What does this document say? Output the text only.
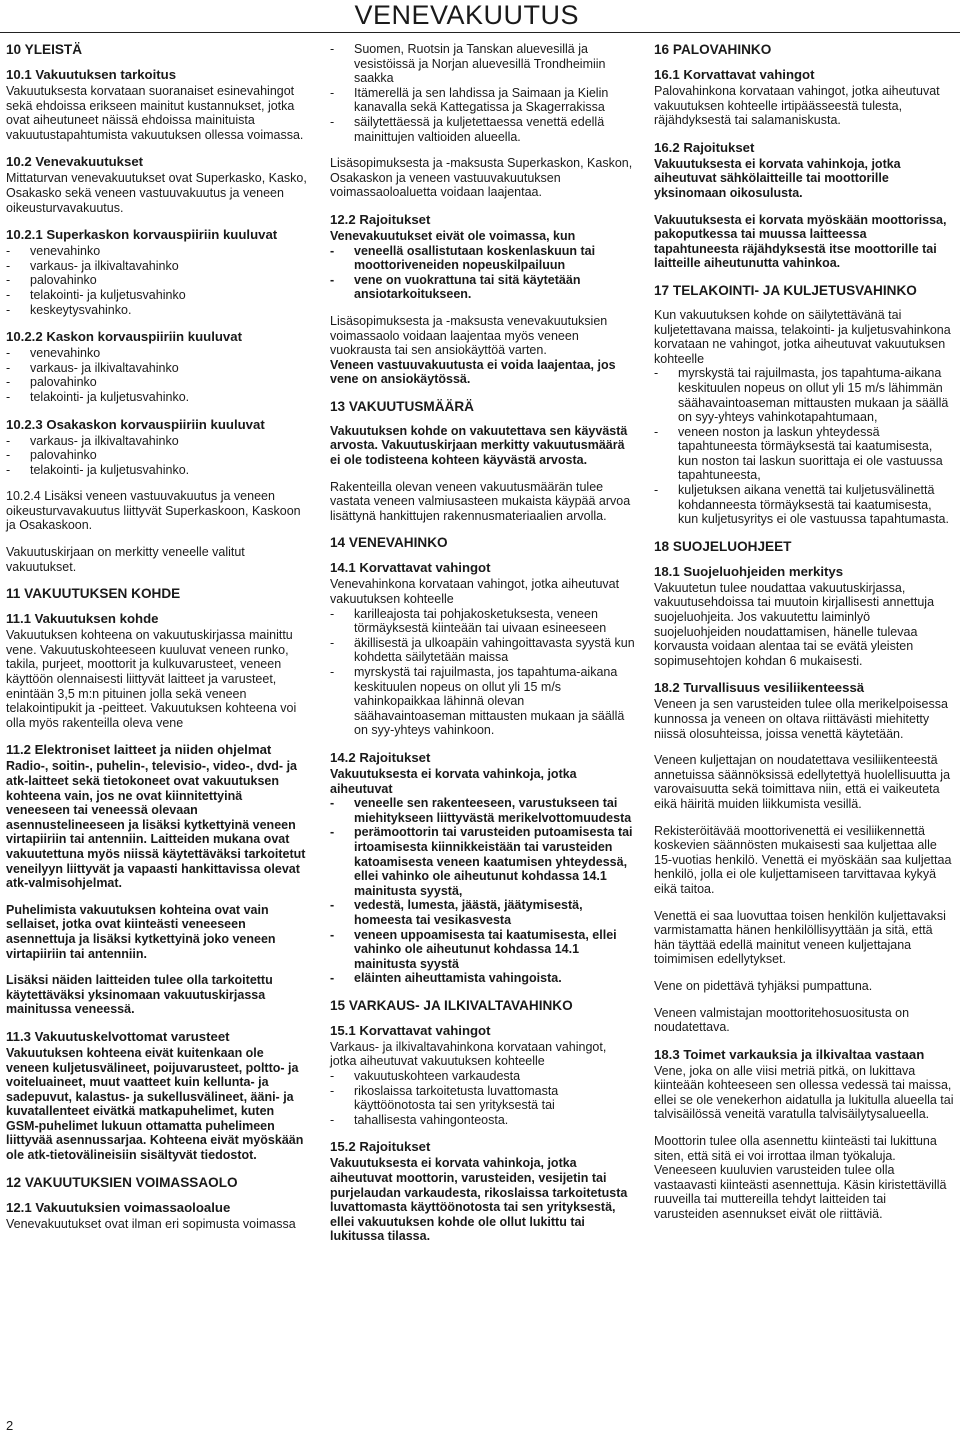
VENEVAKUUTUS
10 YLEISTÄ
10.1 Vakuutuksen tarkoitus

Vakuutuksesta korvataan suoranaiset esinevahingot sekä ehdoissa erikseen mainitut kustannukset, jotka ovat aiheutuneet näissä ehdoissa mainituista vakuutustapahtumista vakuutuksen ollessa voimassa.

10.2 Venevakuutukset

Mittaturvan venevakuutukset ovat Superkasko, Kasko, Osakasko sekä veneen vastuuvakuutus ja veneen oikeusturvavakuutus.

10.2.1 Superkaskon korvauspiiriin kuuluvat
- venevahinko
- varkaus- ja ilkivaltavahinko
- palovahinko
- telakointi- ja kuljetusvahinko
- keskeytysvahinko.
10.2.2 Kaskon korvauspiiriin kuuluvat
- venevahinko
- varkaus- ja ilkivaltavahinko
- palovahinko
- telakointi- ja kuljetusvahinko.
10.2.3 Osakaskon korvauspiiriin kuuluvat
- varkaus- ja ilkivaltavahinko
- palovahinko
- telakointi- ja kuljetusvahinko.

10.2.4 Lisäksi veneen vastuuvakuutus ja veneen oikeusturvavakuutus liittyvät Superkaskoon, Kaskoon ja Osakaskoon.

Vakuutuskirjaan on merkitty veneelle valitut vakuutukset.

11 VAKUUTUKSEN KOHDE
11.1 Vakuutuksen kohde

Vakuutuksen kohteena on vakuutuskirjassa mainittu vene. Vakuutuskohteeseen kuuluvat veneen runko, takila, purjeet, moottorit ja kulkuvarusteet, veneen käyttöön olennaisesti liittyvät laitteet ja varusteet, enintään 3,5 m:n pituinen jolla sekä veneen telakointipukit ja -peitteet. Vakuutuksen kohteena voi olla myös rakenteilla oleva vene

11.2 Elektroniset laitteet ja niiden ohjelmat

Radio-, soitin-, puhelin-, televisio-, video-, dvd- ja atk-laitteet sekä tietokoneet ovat vakuutuksen kohteena vain, jos ne ovat kiinnitettyinä veneeseen tai veneessä olevaan asennustelineeseen ja lisäksi kytkettyinä veneen virtapiiriin tai antenniin. Laitteiden mukana ovat vakuutettuna myös niissä käytettäväksi tarkoitetut veneilyyn liittyvät ja vapaasti hankittavissa olevat atk-valmisohjelmat.

Puhelimista vakuutuksen kohteina ovat vain sellaiset, jotka ovat kiinteästi veneeseen asennettuja ja lisäksi kytkettyinä joko veneen virtapiiriin tai antenniin.

Lisäksi näiden laitteiden tulee olla tarkoitettu käytettäväksi yksinomaan vakuutuskirjassa mainitussa veneessä.

11.3 Vakuutuskelvottomat varusteet

Vakuutuksen kohteena eivät kuitenkaan ole veneen kuljetusvälineet, poijuvarusteet, poltto- ja voiteluaineet, muut vaatteet kuin kellunta- ja sadepuvut, kalastus- ja sukellusvälineet, ääni- ja kuvatallenteet eivätkä matkapuhelimet, kuten GSM-puhelimet lukuun ottamatta puhelimeen liittyvää asennussarjaa. Kohteena eivät myöskään ole atk-tietovälineisiin sisältyvät tiedostot.

12 VAKUUTUKSIEN VOIMASSAOLO
12.1 Vakuutuksien voimassaoloalue

Venevakuutukset ovat ilman eri sopimusta voimassa

- Suomen, Ruotsin ja Tanskan aluevesillä ja vesistöissä ja Norjan aluevesillä Trondheimiin saakka
- Itämerellä ja sen lahdissa ja Saimaan ja Kielin kanavalla sekä Kattegatissa ja Skagerrakissa
- säilytettäessä ja kuljetettaessa venettä edellä mainittujen valtioiden alueella.

Lisäsopimuksesta ja -maksusta Superkaskon, Kaskon, Osakaskon ja veneen vastuuvakuutuksen voimassaoloaluetta voidaan laajentaa.

12.2 Rajoitukset

Venevakuutukset eivät ole voimassa, kun

- veneellä osallistutaan koskenlaskuun tai moottoriveneiden nopeuskilpailuun
- vene on vuokrattuna tai sitä käytetään ansiotarkoitukseen.

Lisäsopimuksesta ja -maksusta venevakuutuksien voimassaolo voidaan laajentaa myös veneen vuokrausta tai sen ansiokäyttöä varten.

Veneen vastuuvakuutusta ei voida laajentaa, jos vene on ansiokäytössä.

13 VAKUUTUSMÄÄRÄ

Vakuutuksen kohde on vakuutettava sen käyvästä arvosta. Vakuutuskirjaan merkitty vakuutusmäärä ei ole todisteena kohteen käyvästä arvosta.

Rakenteilla olevan veneen vakuutusmäärän tulee vastata veneen valmiusasteen mukaista käypää arvoa lisättynä hankittujen rakennusmateriaalien arvolla.

14 VENEVAHINKO
14.1 Korvattavat vahingot

Venevahinkona korvataan vahingot, jotka aiheutuvat vakuutuksen kohteelle

- karilleajosta tai pohjakosketuksesta, veneen törmäyksestä kiinteään tai uivaan esineeseen
- äkillisestä ja ulkoapäin vahingoittavasta syystä kun kohdetta säilytetään maissa
- myrskystä tai rajuilmasta, jos tapahtuma-aikana keskituulen nopeus on ollut yli 15 m/s vahinkopaikkaa lähinnä olevan säähavaintoaseman mittausten mukaan ja säällä on syy-yhteys vahinkoon.
14.2 Rajoitukset

Vakuutuksesta ei korvata vahinkoja, jotka aiheutuvat

- veneelle sen rakenteeseen, varustukseen tai miehitykseen liittyvästä merikelvottomuudesta
- perämoottorin tai varusteiden putoamisesta tai irtoamisesta kiinnikkeistään tai varusteiden katoamisesta veneen kaatumisen yhteydessä, ellei vahinko ole aiheutunut kohdassa 14.1 mainitusta syystä,
- vedestä, lumesta, jäästä, jäätymisestä, homeesta tai vesikasvesta
- veneen uppoamisesta tai kaatumisesta, ellei vahinko ole aiheutunut kohdassa 14.1 mainitusta syystä
- eläinten aiheuttamista vahingoista.
15 VARKAUS- JA ILKIVALTAVAHINKO
15.1 Korvattavat vahingot

Varkaus- ja ilkivaltavahinkona korvataan vahingot, jotka aiheutuvat vakuutuksen kohteelle

- vakuutuskohteen varkaudesta
- rikoslaissa tarkoitetusta luvattomasta käyttöönotosta tai sen yrityksestä tai
- tahallisesta vahingonteosta.
15.2 Rajoitukset

Vakuutuksesta ei korvata vahinkoja, jotka aiheutuvat moottorin, varusteiden, vesijetin tai purjelaudan varkaudesta, rikoslaissa tarkoitetusta luvattomasta käyttöönotosta tai sen yrityksestä, ellei vakuutuksen kohde ole ollut lukittu tai lukitussa tilassa.

16 PALOVAHINKO
16.1 Korvattavat vahingot

Palovahinkona korvataan vahingot, jotka aiheutuvat vakuutuksen kohteelle irtipäässeestä tulesta, räjähdyksestä tai salamaniskusta.

16.2 Rajoitukset

Vakuutuksesta ei korvata vahinkoja, jotka aiheutuvat sähkölaitteille tai moottorille yksinomaan oikosulusta.

Vakuutuksesta ei korvata myöskään moottorissa, pakoputkessa tai muussa laitteessa tapahtuneesta räjähdyksestä itse moottorille tai laitteille aiheutunutta vahinkoa.

17 TELAKOINTI- JA KULJETUSVAHINKO

Kun vakuutuksen kohde on säilytettävänä tai kuljetettavana maissa, telakointi- ja kuljetusvahinkona korvataan ne vahingot, jotka aiheutuvat vakuutuksen kohteelle

- myrskystä tai rajuilmasta, jos tapahtuma-aikana keskituulen nopeus on ollut yli 15 m/s lähimmän säähavaintoaseman mittausten mukaan ja säällä on syy-yhteys vahinkotapahtumaan,
- veneen noston ja laskun yhteydessä tapahtuneesta törmäyksestä tai kaatumisesta, kun noston tai laskun suorittaja ei ole vastuussa tapahtuneesta,
- kuljetuksen aikana venettä tai kuljetusvälinettä kohdanneesta törmäyksestä tai kaatumisesta, kun kuljetusyritys ei ole vastuussa tapahtumasta.
18 SUOJELUOHJEET
18.1 Suojeluohjeiden merkitys

Vakuutetun tulee noudattaa vakuutuskirjassa, vakuutusehdoissa tai muutoin kirjallisesti annettuja suojeluohjeita. Jos vakuutettu laiminlyö suojeluohjeiden noudattamisen, hänelle tulevaa korvausta voidaan alentaa tai se evätä yleisten sopimusehtojen kohdan 6 mukaisesti.

18.2 Turvallisuus vesiliikenteessä

Veneen ja sen varusteiden tulee olla merikelpoisessa kunnossa ja veneen on oltava riittävästi miehitetty niissä olosuhteissa, joissa venettä käytetään.

Veneen kuljettajan on noudatettava vesiliikenteestä annetuissa säännöksissä edellytettyä huolellisuutta ja varovaisuutta sekä toimittava niin, että ei vaikeuteta eikä häiritä muiden liikkumista vesillä.

Rekisteröitävää moottorivenettä ei vesiliikennettä koskevien säännösten mukaisesti saa kuljettaa alle 15-vuotias henkilö. Venettä ei myöskään saa kuljettaa henkilö, jolla ei ole kuljettamiseen tarvittavaa kykyä eikä taitoa.

Venettä ei saa luovuttaa toisen henkilön kuljettavaksi varmistamatta hänen henkilöllisyyttään ja sitä, että hän täyttää edellä mainitut veneen kuljettajana toimimisen edellytykset.

Vene on pidettävä tyhjäksi pumpattuna.

Veneen valmistajan moottoritehosuositusta on noudatettava.

18.3 Toimet varkauksia ja ilkivaltaa vastaan

Vene, joka on alle viisi metriä pitkä, on lukittava kiinteään kohteeseen sen ollessa vedessä tai maissa, ellei se ole venekerhon aidatulla ja lukitulla alueella tai talvisäilössä veneitä varatulla talvisäilytysalueella.

Moottorin tulee olla asennettu kiinteästi tai lukittuna siten, että sitä ei voi irrottaa ilman työkaluja. Veneeseen kuuluvien varusteiden tulee olla vastaavasti kiinteästi asennettuja. Käsin kiristettävillä ruuveilla tai muttereilla tehdyt laitteiden tai varusteiden asennukset eivät ole riittäviä.

2
